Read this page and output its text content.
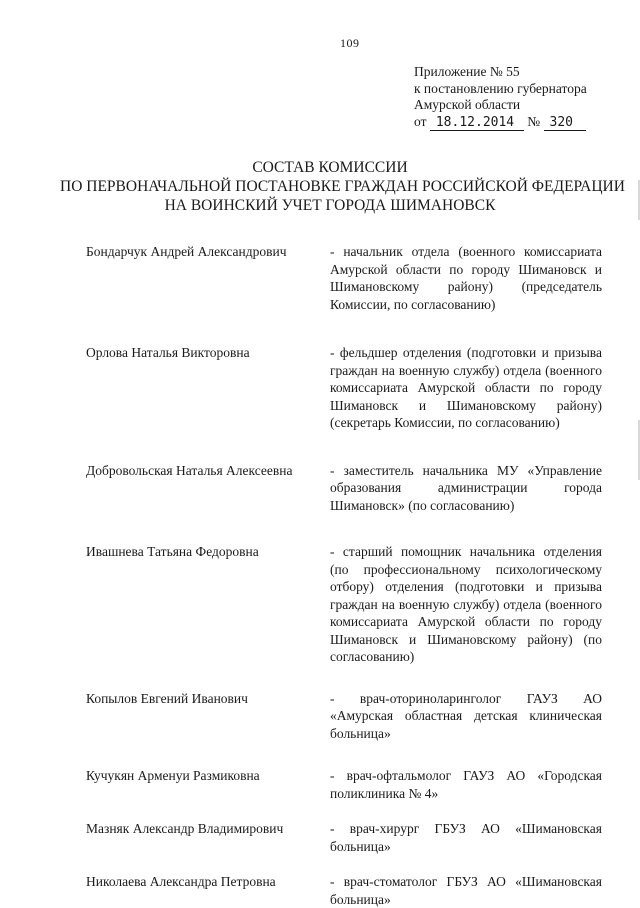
109
Приложение № 55
к постановлению губернатора
Амурской области
от 18.12.2014 № 320
СОСТАВ КОМИССИИ
ПО ПЕРВОНАЧАЛЬНОЙ ПОСТАНОВКЕ ГРАЖДАН РОССИЙСКОЙ ФЕДЕРАЦИИ
НА ВОИНСКИЙ УЧЕТ ГОРОДА ШИМАНОВСК
Бондарчук Андрей Александрович	- начальник отдела (военного комиссариата Амурской области по городу Шимановск и Шимановскому району) (председатель Комиссии, по согласованию)
Орлова Наталья Викторовна	- фельдшер отделения (подготовки и призыва граждан на военную службу) отдела (военного комиссариата Амурской области по городу Шимановск и Шимановскому району) (секретарь Комиссии, по согласованию)
Добровольская Наталья Алексеевна	- заместитель начальника МУ «Управление образования администрации города Шимановск» (по согласованию)
Ивашнева Татьяна Федоровна	- старший помощник начальника отделения (по профессиональному психологическому отбору) отделения (подготовки и призыва граждан на военную службу) отдела (военного комиссариата Амурской области по городу Шимановск и Шимановскому району) (по согласованию)
Копылов Евгений Иванович	- врач-оториноларинголог ГАУЗ АО «Амурская областная детская клиническая больница»
Кучукян Арменуи Размиковна	- врач-офтальмолог ГАУЗ АО «Городская поликлиника № 4»
Мазняк Александр Владимирович	- врач-хирург ГБУЗ АО «Шимановская больница»
Николаева Александра Петровна	- врач-стоматолог ГБУЗ АО «Шимановская больница»
